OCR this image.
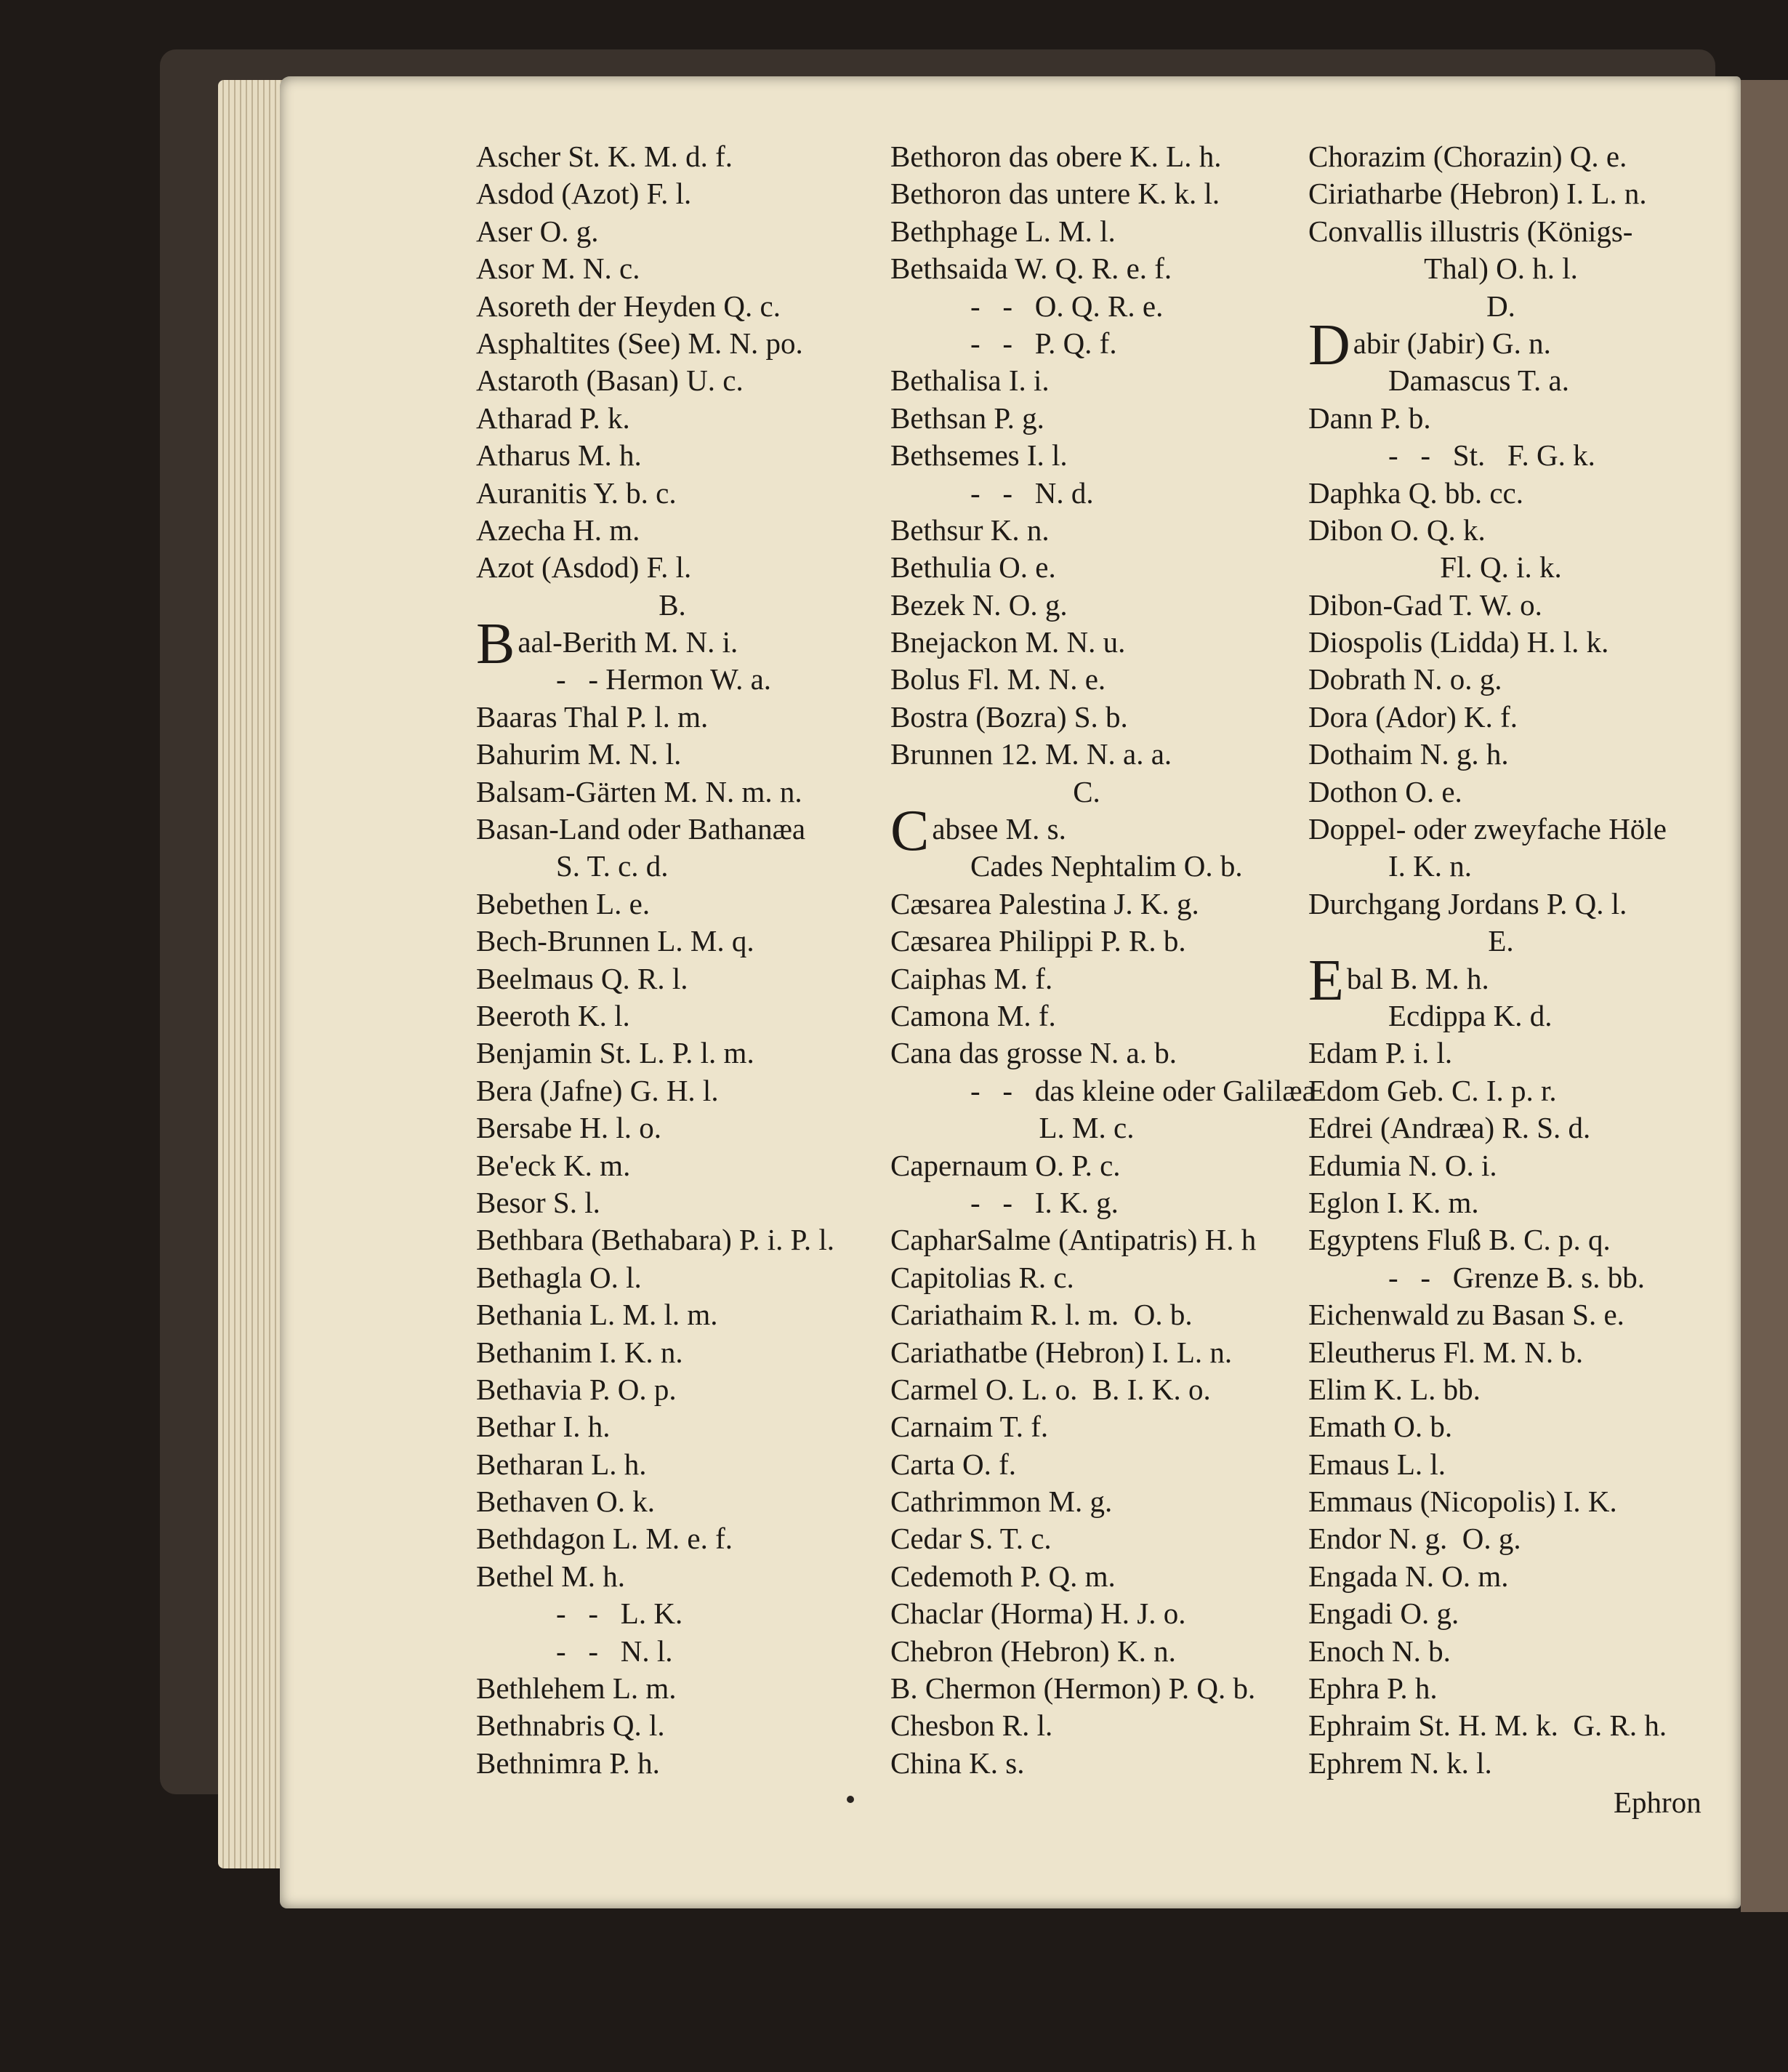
Ascher St. K. M. d. f.
Asdod (Azot) F. l.
Aser O. g.
Asor M. N. c.
Asoreth der Heyden Q. c.
Asphaltites (See) M. N. po.
Astaroth (Basan) U. c.
Atharad P. k.
Atharus M. h.
Auranitis Y. b. c.
Azecha H. m.
Azot (Asdod) F. l.
B.
Baal-Berith M. N. i.
-   - Hermon W. a.
Baaras Thal P. l. m.
Bahurim M. N. l.
Balsam-Gärten M. N. m. n.
Basan-Land oder Bathanæa
S. T. c. d.
Bebethen L. e.
Bech-Brunnen L. M. q.
Beelmaus Q. R. l.
Beeroth K. l.
Benjamin St. L. P. l. m.
Bera (Jafne) G. H. l.
Bersabe H. l. o.
Be'eck K. m.
Besor S. l.
Bethbara (Bethabara) P. i. P. l.
Bethagla O. l.
Bethania L. M. l. m.
Bethanim I. K. n.
Bethavia P. O. p.
Bethar I. h.
Betharan L. h.
Bethaven O. k.
Bethdagon L. M. e. f.
Bethel M. h.
-   -   L. K.
-   -   N. l.
Bethlehem L. m.
Bethnabris Q. l.
Bethnimra P. h.
Bethoron das obere K. L. h.
Bethoron das untere K. k. l.
Bethphage L. M. l.
Bethsaida W. Q. R. e. f.
-   -   O. Q. R. e.
-   -   P. Q. f.
Bethalisa I. i.
Bethsan P. g.
Bethsemes I. l.
-   -   N. d.
Bethsur K. n.
Bethulia O. e.
Bezek N. O. g.
Bnejackon M. N. u.
Bolus Fl. M. N. e.
Bostra (Bozra) S. b.
Brunnen 12. M. N. a. a.
C.
Cabsee M. s.
Cades Nephtalim O. b.
Cæsarea Palestina J. K. g.
Cæsarea Philippi P. R. b.
Caiphas M. f.
Camona M. f.
Cana das grosse N. a. b.
-   -   das kleine oder Galilæa
L. M. c.
Capernaum O. P. c.
-   -   I. K. g.
CapharSalme (Antipatris) H. h
Capitolias R. c.
Cariathaim R. l. m.  O. b.
Cariathatbe (Hebron) I. L. n.
Carmel O. L. o.  B. I. K. o.
Carnaim T. f.
Carta O. f.
Cathrimmon M. g.
Cedar S. T. c.
Cedemoth P. Q. m.
Chaclar (Horma) H. J. o.
Chebron (Hebron) K. n.
B. Chermon (Hermon) P. Q. b.
Chesbon R. l.
China K. s.
Chorazim (Chorazin) Q. e.
Ciriatharbe (Hebron) I. L. n.
Convallis illustris (Königs-
Thal) O. h. l.
D.
Dabir (Jabir) G. n.
Damascus T. a.
Dann P. b.
-   -   St.   F. G. k.
Daphka Q. bb. cc.
Dibon O. Q. k.
Fl. Q. i. k.
Dibon-Gad T. W. o.
Diospolis (Lidda) H. l. k.
Dobrath N. o. g.
Dora (Ador) K. f.
Dothaim N. g. h.
Dothon O. e.
Doppel- oder zweyfache Höle
I. K. n.
Durchgang Jordans P. Q. l.
E.
Ebal B. M. h.
Ecdippa K. d.
Edam P. i. l.
Edom Geb. C. I. p. r.
Edrei (Andræa) R. S. d.
Edumia N. O. i.
Eglon I. K. m.
Egyptens Fluß B. C. p. q.
-   -   Grenze B. s. bb.
Eichenwald zu Basan S. e.
Eleutherus Fl. M. N. b.
Elim K. L. bb.
Emath O. b.
Emaus L. l.
Emmaus (Nicopolis) I. K.
Endor N. g.  O. g.
Engada N. O. m.
Engadi O. g.
Enoch N. b.
Ephra P. h.
Ephraim St. H. M. k.  G. R. h.
Ephrem N. k. l.
Ephron
